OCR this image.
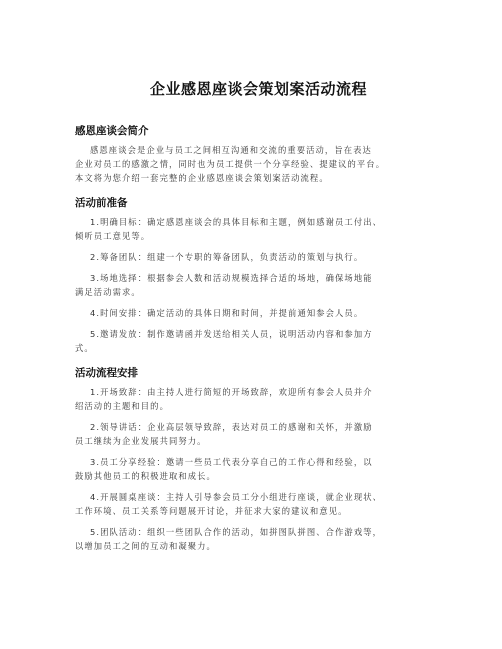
企业感恩座谈会策划案活动流程
感恩座谈会简介

感恩座谈会是企业与员工之间相互沟通和交流的重要活动，旨在表达
企业对员工的感激之情，同时也为员工提供一个分享经验、提建议的平台。
本文将为您介绍一套完整的企业感恩座谈会策划案活动流程。

活动前准备

1.明确目标：确定感恩座谈会的具体目标和主题，例如感谢员工付出、
倾听员工意见等。

2.筹备团队：组建一个专职的筹备团队，负责活动的策划与执行。

3.场地选择：根据参会人数和活动规模选择合适的场地，确保场地能
满足活动需求。

4.时间安排：确定活动的具体日期和时间，并提前通知参会人员。

5.邀请发放：制作邀请函并发送给相关人员，说明活动内容和参加方
式。

活动流程安排

1.开场致辞：由主持人进行简短的开场致辞，欢迎所有参会人员并介
绍活动的主题和目的。

2.领导讲话：企业高层领导致辞，表达对员工的感谢和关怀，并激励
员工继续为企业发展共同努力。

3.员工分享经验：邀请一些员工代表分享自己的工作心得和经验，以
鼓励其他员工的积极进取和成长。

4.开展圆桌座谈：主持人引导参会员工分小组进行座谈，就企业现状、
工作环境、员工关系等问题展开讨论，并征求大家的建议和意见。

5.团队活动：组织一些团队合作的活动，如拼图队拼图、合作游戏等，
以增加员工之间的互动和凝聚力。
